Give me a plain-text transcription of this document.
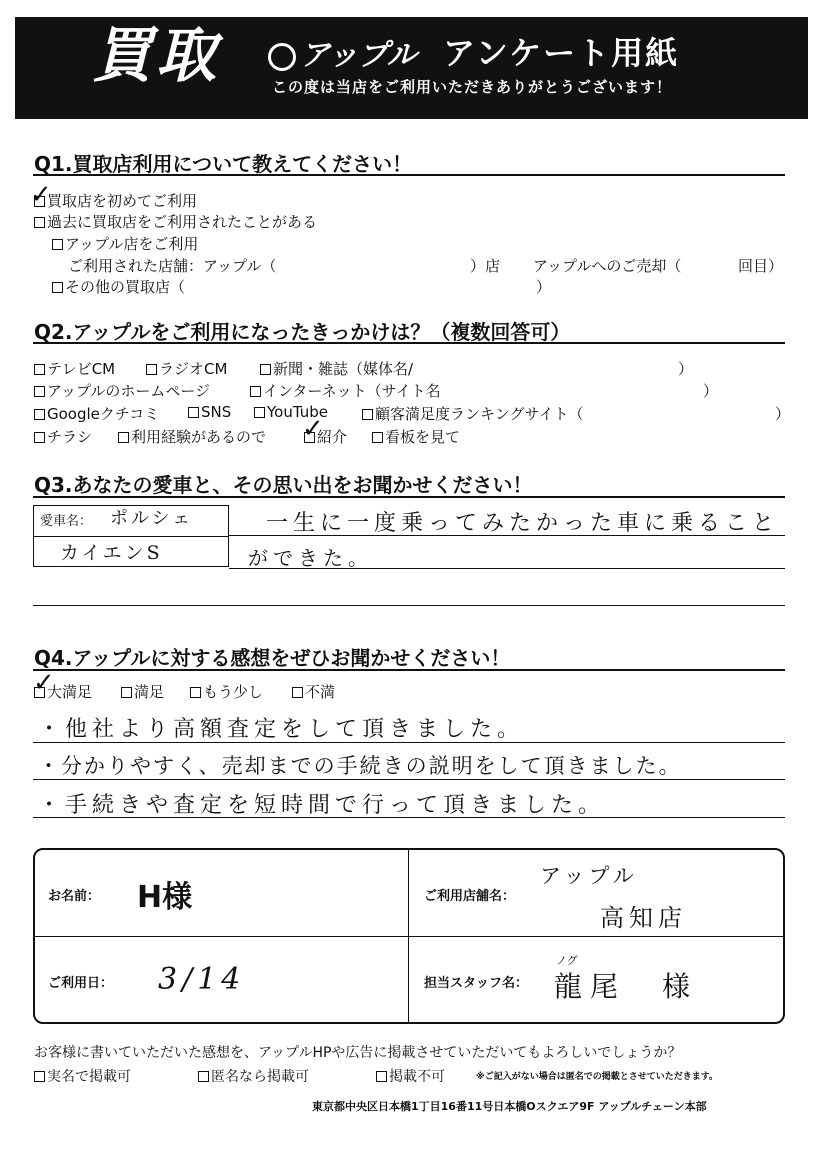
買取	アップル アンケート用紙
この度は当店をご利用いただきありがとうございます！
Q1.買取店利用について教えてください！
✓
買取店を初めてご利用
過去に買取店をご利用されたことがある
アップル店をご利用
ご利用された店舗：アップル（	）店 アップルへのご売却（	回目）
その他の買取店（	）
Q2.アップルをご利用になったきっかけは？（複数回答可）
テレビCM	ラジオCM	新聞・雑誌（媒体名/	）
アップルのホームページ	インターネット（サイト名	）
Googleクチコミ	SNS	YouTube	顧客満足度ランキングサイト（	）
チラシ	利用経験があるので ✓
紹介	看板を見て
Q3.あなたの愛車と、その思い出をお聞かせください！
愛車名： ポルシェ
カイエンS
一生に一度乗ってみたかった車に乗ること
ができた。
Q4.アップルに対する感想をぜひお聞かせください！
✓
大満足	満足	もう少し	不満
・他社より高額査定をして頂きました。
・分かりやすく、売却までの手続きの説明をして頂きました。
・手続きや査定を短時間で行って頂きました。
お名前： H様	ご利用店舗名：
アップル
高知店
ご利用日： 3/14	担当スタッフ名：
ノグ
龍尾　様
お客様に書いていただいた感想を、アップルHPや広告に掲載させていただいてもよろしいでしょうか？
実名で掲載可	匿名なら掲載可	掲載不可	※ご記入がない場合は匿名での掲載とさせていただきます。
東京都中央区日本橋1丁目16番11号日本橋Oスクエア9F アップルチェーン本部
